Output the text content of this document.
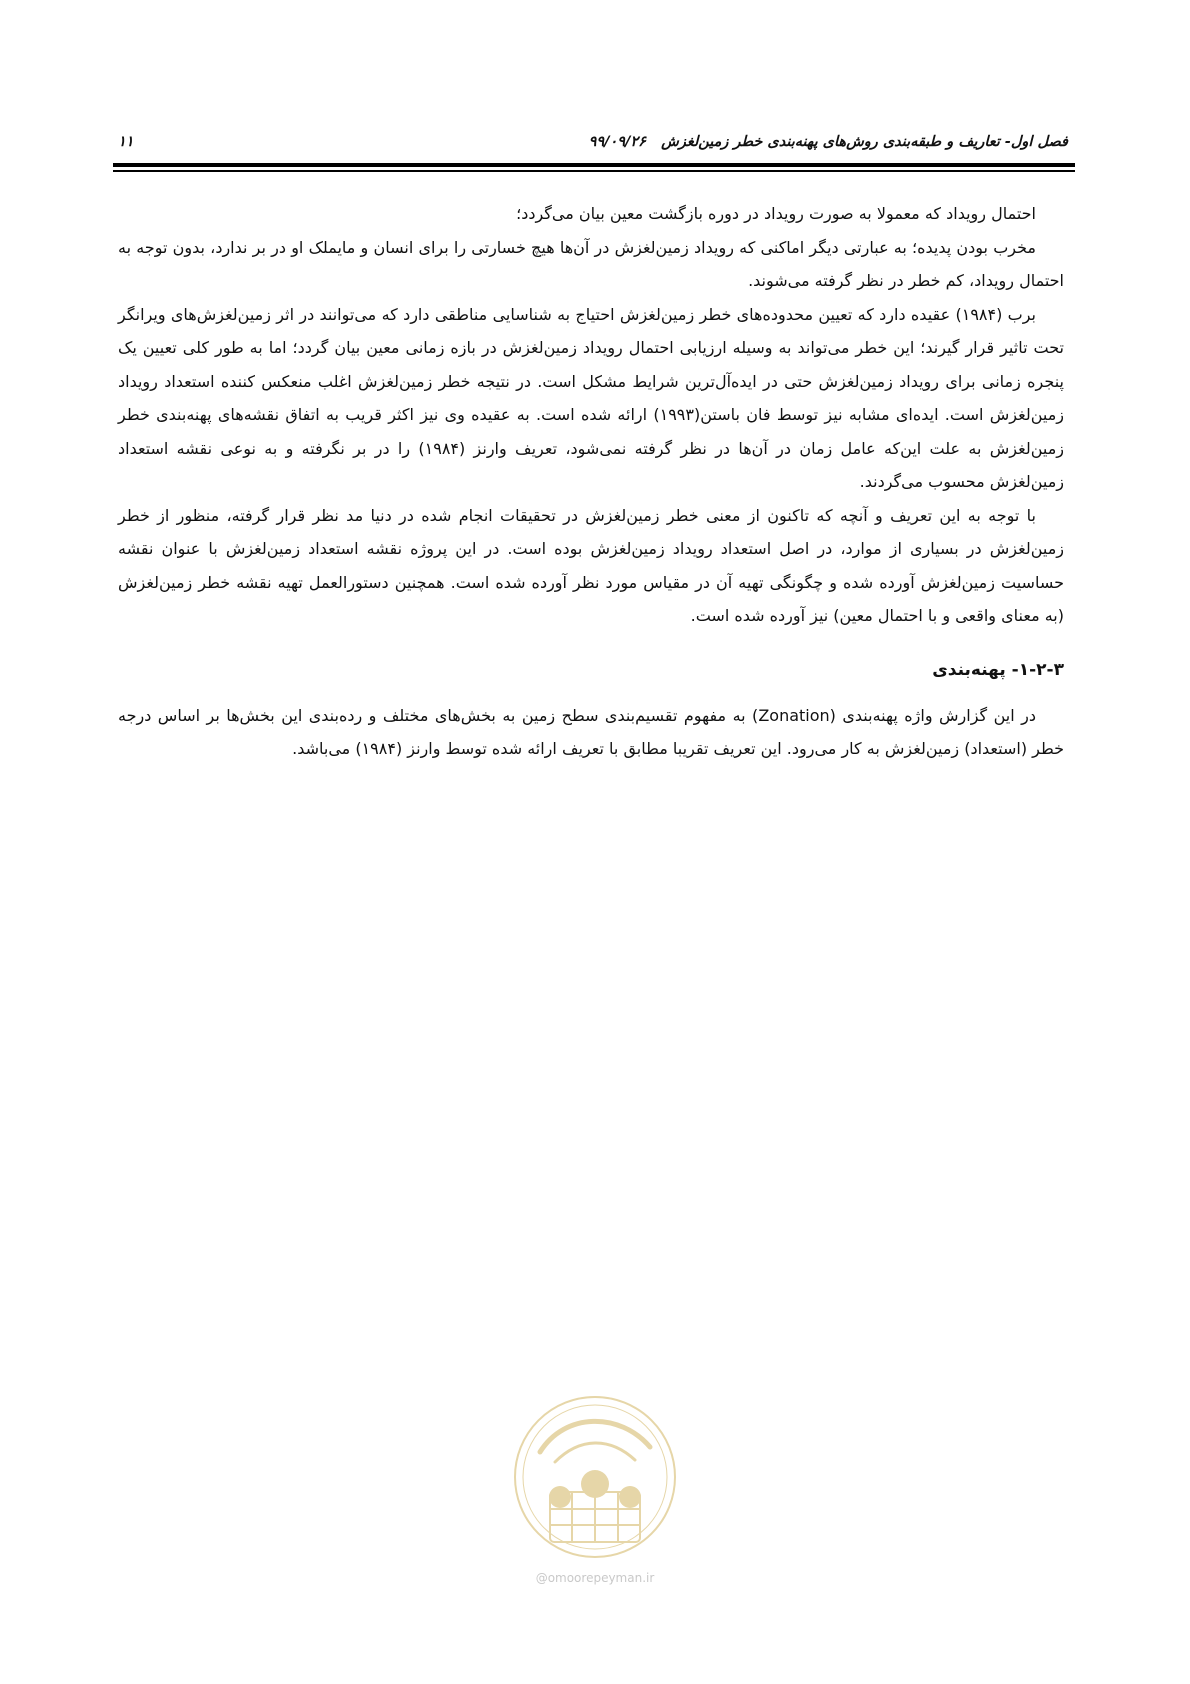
فصل اول- تعاریف و طبقه‌بندی روش‌های پهنه‌بندی خطر زمین‌لغزش   ۹۹/۰۹/۲۶
۱۱

احتمال رویداد که معمولا به صورت رویداد در دوره بازگشت معین بیان می‌گردد؛

مخرب بودن پدیده؛ به عبارتی دیگر اماکنی که رویداد زمین‌لغزش در آن‌ها هیچ خسارتی را برای انسان و مایملک او در بر ندارد، بدون توجه به احتمال رویداد، کم خطر در نظر گرفته می‌شوند.

برب (۱۹۸۴) عقیده دارد که تعیین محدوده‌های خطر زمین‌لغزش احتیاج به شناسایی مناطقی دارد که می‌توانند در اثر زمین‌لغزش‌های ویرانگر تحت تاثیر قرار گیرند؛ این خطر می‌تواند به وسیله ارزیابی احتمال رویداد زمین‌لغزش در بازه زمانی معین بیان گردد؛ اما به طور کلی تعیین یک پنجره زمانی برای رویداد زمین‌لغزش حتی در ایده‌آل‌ترین شرایط مشکل است. در نتیجه خطر زمین‌لغزش اغلب منعکس کننده استعداد رویداد زمین‌لغزش است. ایده‌ای مشابه نیز توسط فان باستن(۱۹۹۳) ارائه شده است. به عقیده وی نیز اکثر قریب به اتفاق نقشه‌های پهنه‌بندی خطر زمین‌لغزش به علت این‌که عامل زمان در آن‌ها در نظر گرفته نمی‌شود، تعریف وارنز (۱۹۸۴) را در بر نگرفته و به نوعی نقشه استعداد زمین‌لغزش محسوب می‌گردند.

با توجه به این تعریف و آنچه که تاکنون از معنی خطر زمین‌لغزش در تحقیقات انجام شده در دنیا مد نظر قرار گرفته، منظور از خطر زمین‌لغزش در بسیاری از موارد، در اصل استعداد رویداد زمین‌لغزش بوده است. در این پروژه نقشه استعداد زمین‌لغزش با عنوان نقشه حساسیت زمین‌لغزش آورده شده و چگونگی تهیه آن در مقیاس مورد نظر آورده شده است. همچنین دستورالعمل تهیه نقشه خطر زمین‌لغزش (به معنای واقعی و با احتمال معین) نیز آورده شده است.

۱-۲-۳- پهنه‌بندی

در این گزارش واژه پهنه‌بندی (Zonation) به مفهوم تقسیم‌بندی سطح زمین به بخش‌های مختلف و رده‌بندی این بخش‌ها بر اساس درجه خطر (استعداد) زمین‌لغزش به کار می‌رود. این تعریف تقریبا مطابق با تعریف ارائه شده توسط وارنز (۱۹۸۴) می‌باشد.

@omoorepeyman.ir
